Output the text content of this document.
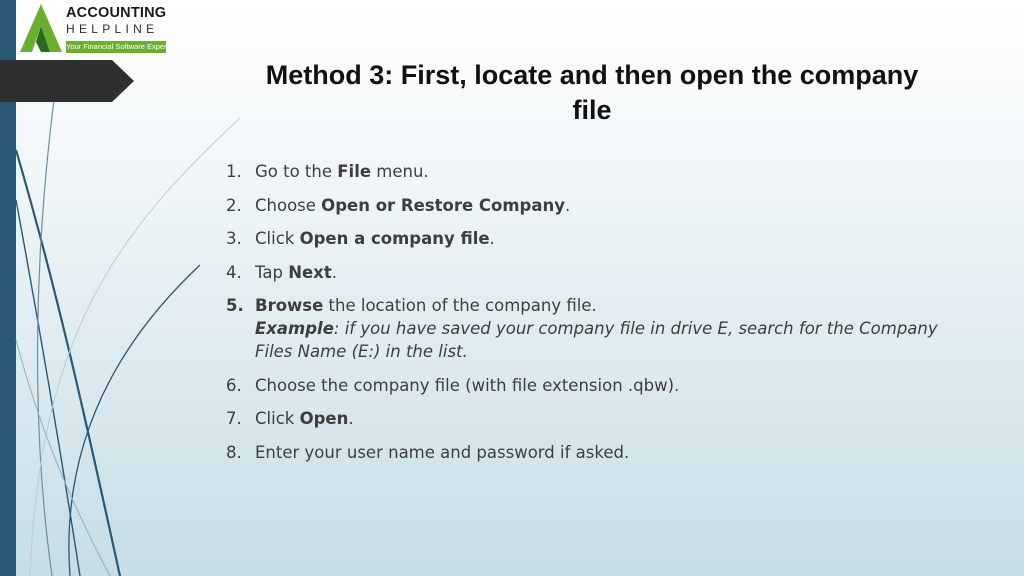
ACCOUNTING
HELPLINE
Your Financial Software Expert
Method 3: First, locate and then open the company file
1. Go to the File menu.
2. Choose Open or Restore Company.
3. Click Open a company file.
4. Tap Next.
5. Browse the location of the company file.
Example: if you have saved your company file in drive E, search for the Company Files Name (E:) in the list.
6. Choose the company file (with file extension .qbw).
7. Click Open.
8. Enter your user name and password if asked.
